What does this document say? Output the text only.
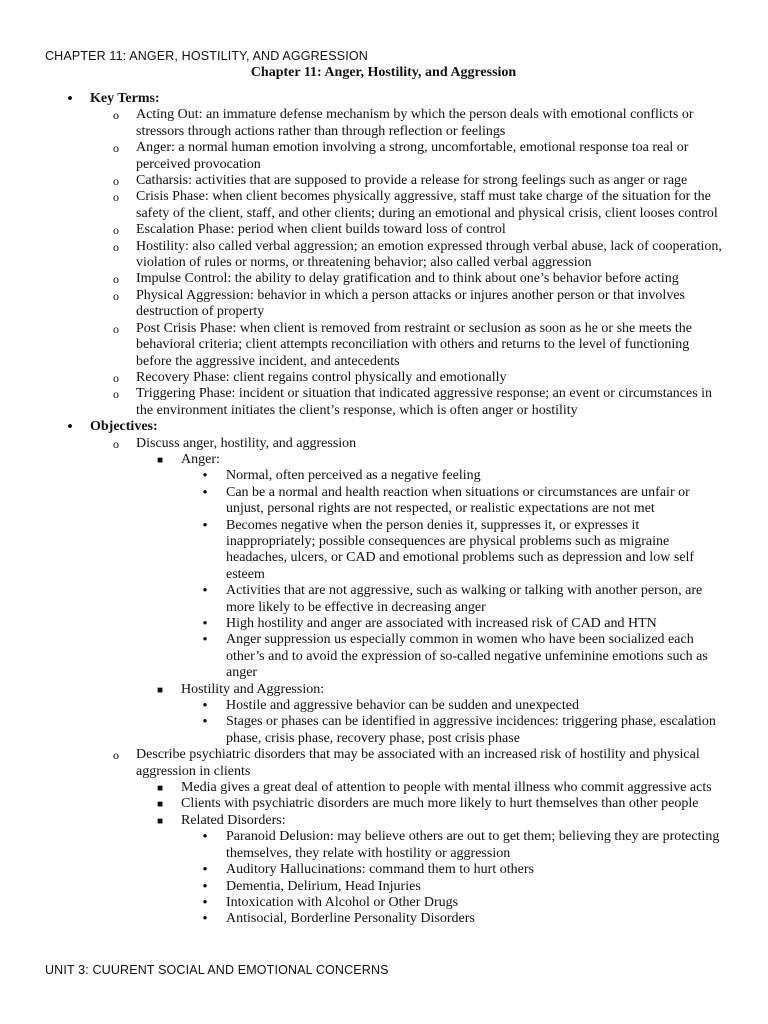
CHAPTER 11: ANGER, HOSTILITY, AND AGGRESSION
Chapter 11: Anger, Hostility, and Aggression
•	Key Terms:
o Acting Out: an immature defense mechanism by which the person deals with emotional conflicts or stressors through actions rather than through reflection or feelings
o Anger: a normal human emotion involving a strong, uncomfortable, emotional response toa real or perceived provocation
o Catharsis: activities that are supposed to provide a release for strong feelings such as anger or rage
o Crisis Phase: when client becomes physically aggressive, staff must take charge of the situation for the safety of the client, staff, and other clients; during an emotional and physical crisis, client looses control
o Escalation Phase: period when client builds toward loss of control
o Hostility: also called verbal aggression; an emotion expressed through verbal abuse, lack of cooperation, violation of rules or norms, or threatening behavior; also called verbal aggression
o Impulse Control: the ability to delay gratification and to think about one’s behavior before acting
o Physical Aggression: behavior in which a person attacks or injures another person or that involves destruction of property
o Post Crisis Phase: when client is removed from restraint or seclusion as soon as he or she meets the behavioral criteria; client attempts reconciliation with others and returns to the level of functioning before the aggressive incident, and antecedents
o Recovery Phase: client regains control physically and emotionally
o Triggering Phase: incident or situation that indicated aggressive response; an event or circumstances in the environment initiates the client’s response, which is often anger or hostility
•	Objectives:
o Discuss anger, hostility, and aggression
■ Anger:
• Normal, often perceived as a negative feeling
• Can be a normal and health reaction when situations or circumstances are unfair or unjust, personal rights are not respected, or realistic expectations are not met
• Becomes negative when the person denies it, suppresses it, or expresses it inappropriately; possible consequences are physical problems such as migraine headaches, ulcers, or CAD and emotional problems such as depression and low self esteem
• Activities that are not aggressive, such as walking or talking with another person, are more likely to be effective in decreasing anger
• High hostility and anger are associated with increased risk of CAD and HTN
• Anger suppression us especially common in women who have been socialized each other’s and to avoid the expression of so-called negative unfeminine emotions such as anger
■ Hostility and Aggression:
• Hostile and aggressive behavior can be sudden and unexpected
• Stages or phases can be identified in aggressive incidences: triggering phase, escalation phase, crisis phase, recovery phase, post crisis phase
o Describe psychiatric disorders that may be associated with an increased risk of hostility and physical aggression in clients
■ Media gives a great deal of attention to people with mental illness who commit aggressive acts
■ Clients with psychiatric disorders are much more likely to hurt themselves than other people
■ Related Disorders:
• Paranoid Delusion: may believe others are out to get them; believing they are protecting themselves, they relate with hostility or aggression
• Auditory Hallucinations: command them to hurt others
• Dementia, Delirium, Head Injuries
• Intoxication with Alcohol or Other Drugs
• Antisocial, Borderline Personality Disorders
UNIT 3: CUURENT SOCIAL AND EMOTIONAL CONCERNS
